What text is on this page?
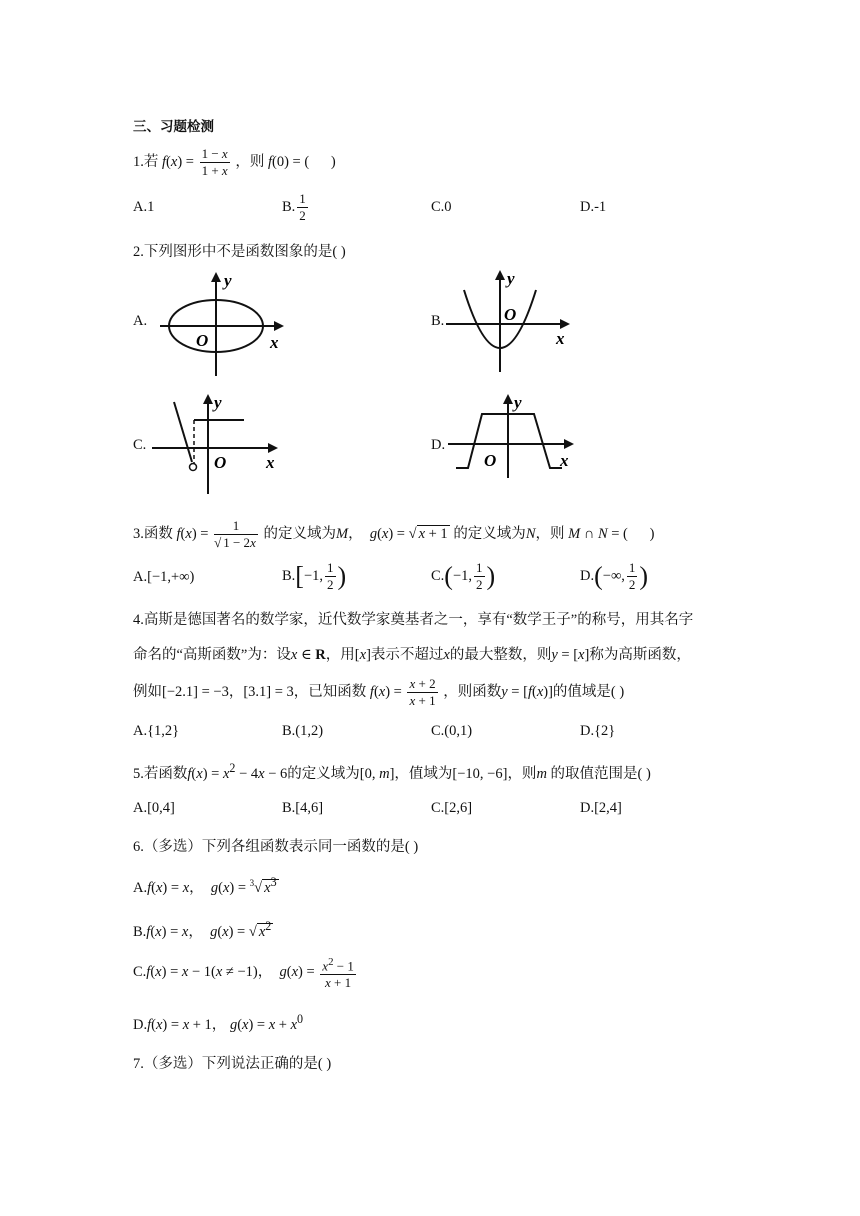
三、习题检测
1.若 $f(x) = \frac{1 - x}{1 + x}$ ，则 f(0) = (      )
A.1	B. $\frac{1}{2}$	C.0	D.-1
2.下列图形中不是函数图象的是( )
A.	B.
C.	D.
y
x
O
y
x
O
y
x
O
y
x
O
3.函数 $f(x) = \frac{1}{√ 1 - 2x}$ 的定义域为M， g(x) = √ x + 1 的定义域为N，则 M ∩ N = (      )
A.[−1,+∞)	B.[−1, $\frac{1}{2}$ )	C.(−1, $\frac{1}{2}$ )	D.(−∞, $\frac{1}{2}$ )
4.高斯是德国著名的数学家，近代数学家奠基者之一，享有“数学王子”的称号，用其名字
命名的“高斯函数”为：设x ∈ R，用[x]表示不超过x的最大整数，则y = [x]称为高斯函数，
例如[−2.1] = −3，[3.1] = 3，已知函数 $f(x) = \frac{x + 2}{x + 1}$ ，则函数y = [f(x)]的值域是( )
A.{1,2}	B.(1,2)	C.(0,1)	D.{2}
5.若函数$f(x) = x^2 - 4x - 6$的定义域为[0, m]，值域为[−10, −6]，则m 的取值范围是( )
A.[0,4]	B.[4,6]	C.[2,6]	D.[2,4]
6.（多选）下列各组函数表示同一函数的是( )
A.f(x) = x，  g(x) = $^3$√ $x^3$
B.f(x) = x，  g(x) = √ $x^2$
C.f(x) = x − 1(x ≠ −1)，  $g(x) = \frac{x^2 - 1}{x + 1}$
D.f(x) = x + 1， $g(x) = x + x^0$
7.（多选）下列说法正确的是( )
